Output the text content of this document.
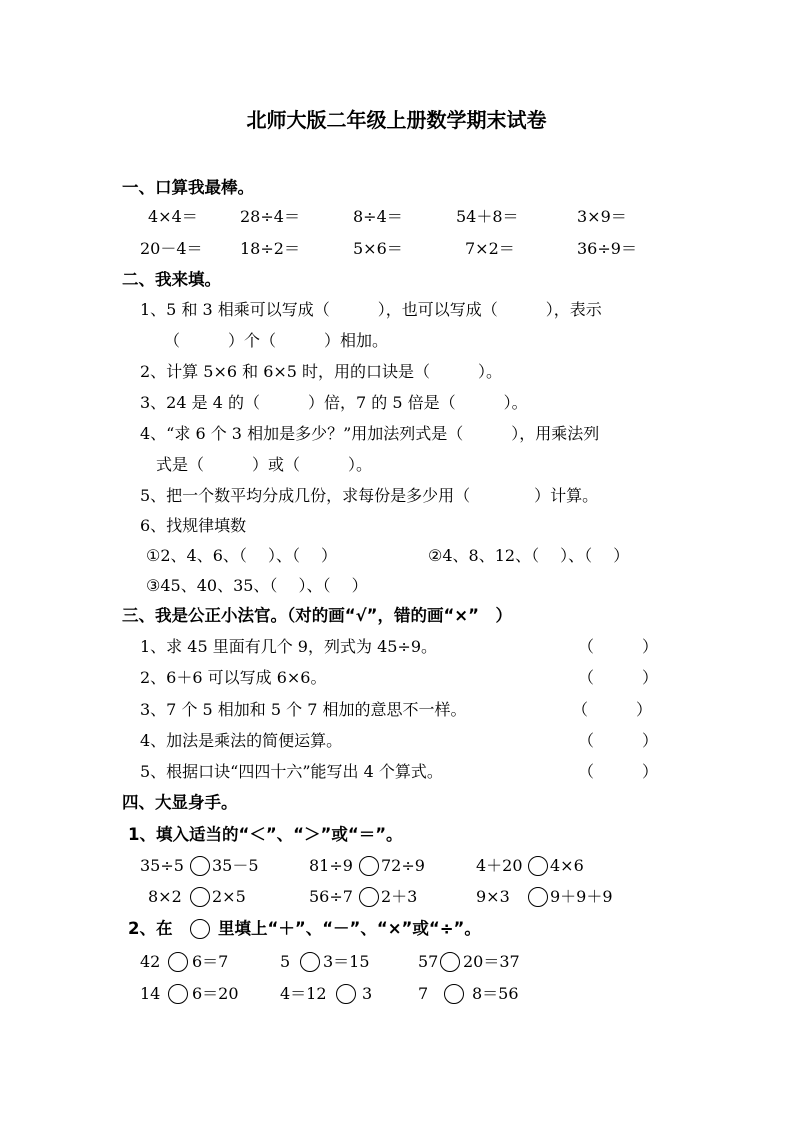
北师大版二年级上册数学期末试卷
一、口算我最棒。
4×4＝	28÷4＝	8÷4＝	54＋8＝	3×9＝
20－4＝ 18÷2＝	5×6＝	7×2＝	36÷9＝
二、我来填。
1、5 和 3 相乘可以写成（　　　），也可以写成（　　　），表示
（　　　）个（　　　）相加。
2、计算 5×6 和 6×5 时，用的口诀是（　　　）。
3、24 是 4 的（　　　）倍，7 的 5 倍是（　　　）。
4、“求 6 个 3 相加是多少？”用加法列式是（　　　），用乘法列
式是（　　　）或（　　　）。
5、把一个数平均分成几份，求每份是多少用（　　　　）计算。
6、找规律填数
①2、4、6、（　 ）、（　 ）	②4、8、12、（　 ）、（　 ）
③45、40、35、（　 ）、（　 ）
三、我是公正小法官。（对的画“√”，错的画“×”　）
1、求 45 里面有几个 9，列式为 45÷9。	（　　　）
2、6＋6 可以写成 6×6。	（　　　）
3、7 个 5 相加和 5 个 7 相加的意思不一样。	（　　　）
4、加法是乘法的简便运算。	（　　　）
5、根据口诀“四四十六”能写出 4 个算式。	（　　　）
四、大显身手。
1、填入适当的“＜”、“＞”或“＝”。
35÷5 35－5	81÷9 72÷9	4＋20 4×6
8×2 2×5	56÷7 2＋3	9×3	9＋9＋9
2、在	里填上“＋”、“－”、“×”或“÷”。
42 6＝7	5 3＝15	57 20＝37
14 6＝20	4＝12 3	7	8＝56
